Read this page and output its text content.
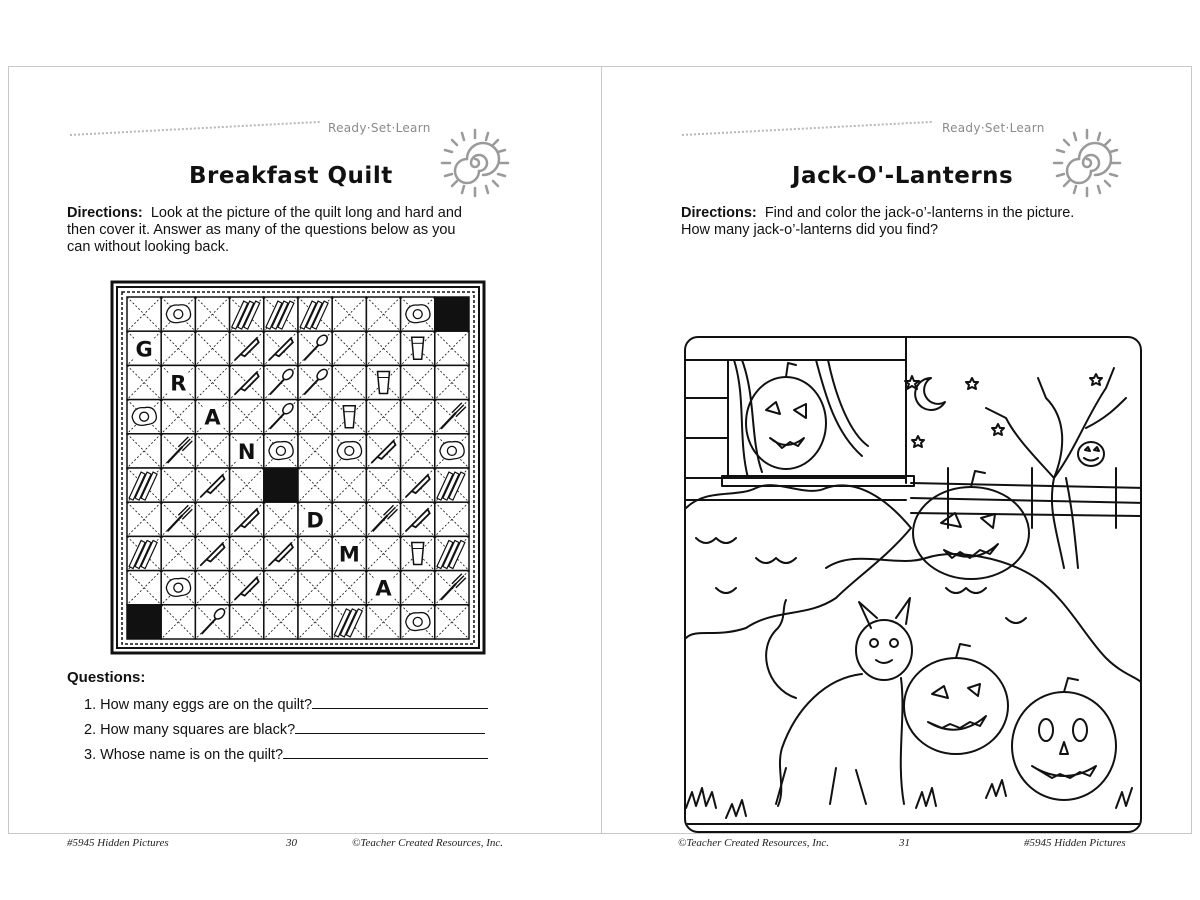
Ready·Set·Learn
Breakfast Quilt
Directions: Look at the picture of the quilt long and hard and
then cover it. Answer as many of the questions below as you
can without looking back.
G
R
A
N
D
M
A
Questions:
1. How many eggs are on the quilt?
2. How many squares are black?
3. Whose name is on the quilt?
#5945 Hidden Pictures	30	©Teacher Created Resources, Inc.
Ready·Set·Learn
Jack-O'-Lanterns
Directions: Find and color the jack-o’-lanterns in the picture.
How many jack-o’-lanterns did you find?
©Teacher Created Resources, Inc.	31	#5945 Hidden Pictures
